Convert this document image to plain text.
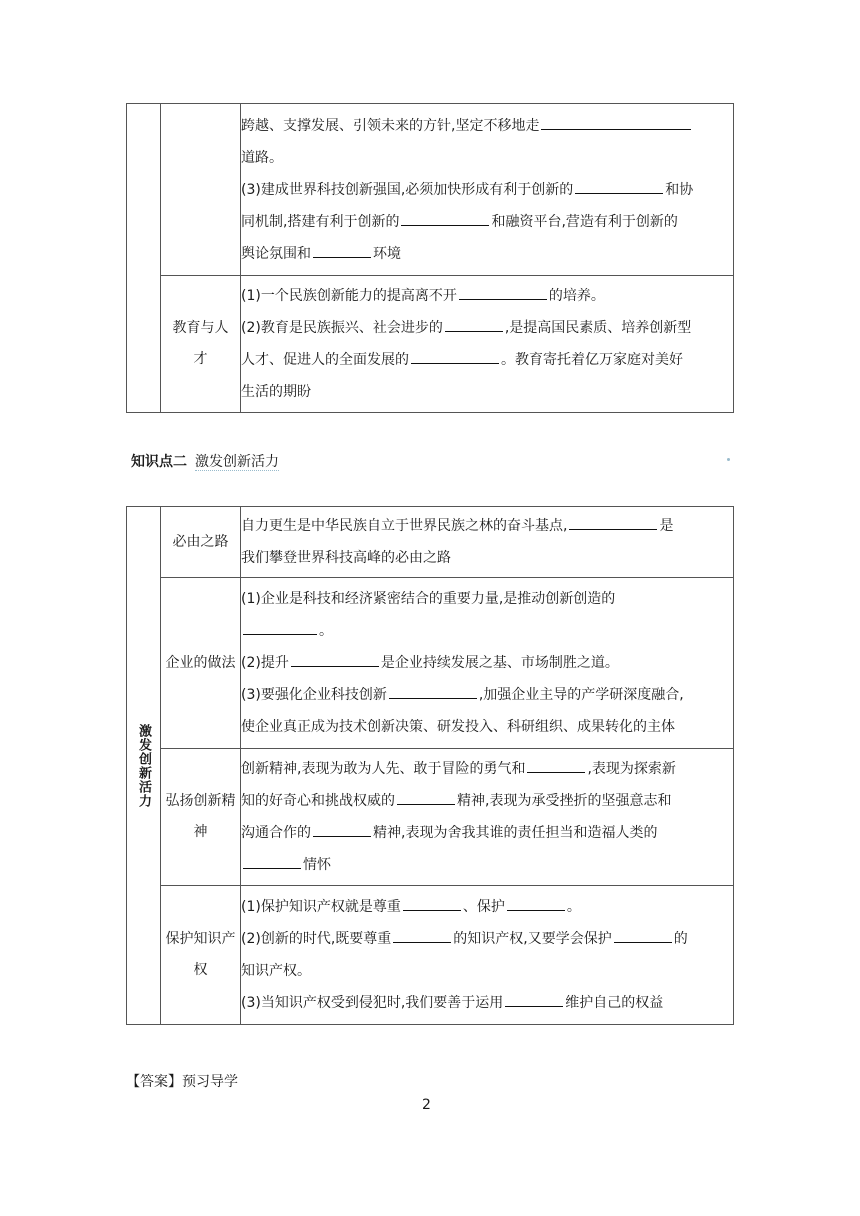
		跨越、支撑发展、引领未来的方针,坚定不移地走

道路。

(3)建成世界科技创新强国,必须加快形成有利于创新的 和协

同机制,搭建有利于创新的 和融资平台,营造有利于创新的

舆论氛围和 环境

	教育与人才	(1)一个民族创新能力的提高离不开 的培养。

(2)教育是民族振兴、社会进步的 ,是提高国民素质、培养创新型

人才、促进人的全面发展的 。教育寄托着亿万家庭对美好

生活的期盼

知识点二 激发创新活力
激发创新活力	必由之路	自力更生是中华民族自立于世界民族之林的奋斗基点, 是

我们攀登世界科技高峰的必由之路

	企业的做法	(1)企业是科技和经济紧密结合的重要力量,是推动创新创造的

。

(2)提升 是企业持续发展之基、市场制胜之道。

(3)要强化企业科技创新 ,加强企业主导的产学研深度融合,

使企业真正成为技术创新决策、研发投入、科研组织、成果转化的主体

	弘扬创新精神	创新精神,表现为敢为人先、敢于冒险的勇气和 ,表现为探索新

知的好奇心和挑战权威的 精神,表现为承受挫折的坚强意志和

沟通合作的 精神,表现为舍我其谁的责任担当和造福人类的

情怀

	保护知识产权	(1)保护知识产权就是尊重 、保护 。

(2)创新的时代,既要尊重 的知识产权,又要学会保护 的

知识产权。

(3)当知识产权受到侵犯时,我们要善于运用 维护自己的权益

【答案】预习导学
2
